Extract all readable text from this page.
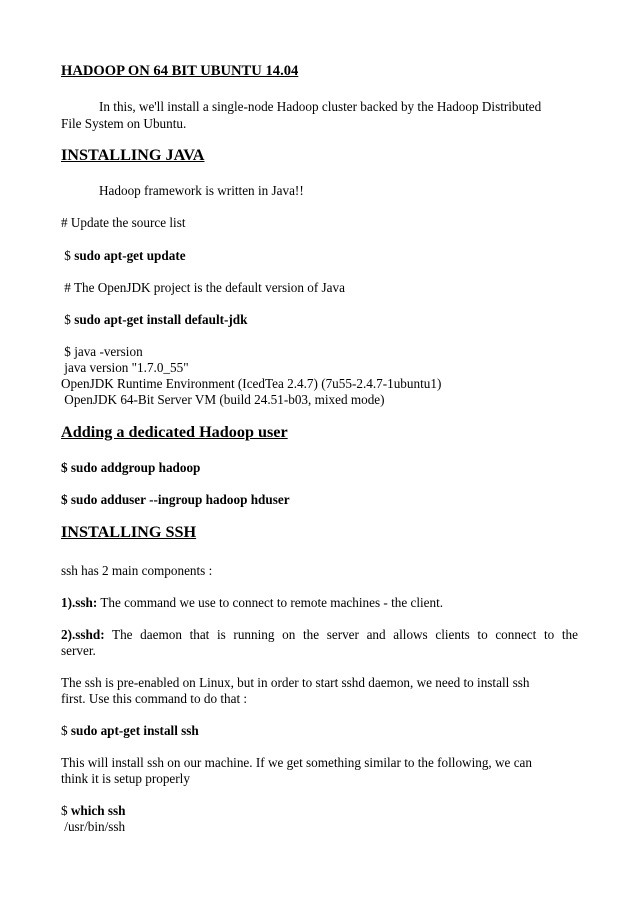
HADOOP ON 64 BIT UBUNTU 14.04
In this, we'll install a single-node Hadoop cluster backed by the Hadoop Distributed
File System on Ubuntu.
INSTALLING JAVA
Hadoop framework is written in Java!!
# Update the source list
$ sudo apt-get update
# The OpenJDK project is the default version of Java
$ sudo apt-get install default-jdk
$ java -version
java version "1.7.0_55"
OpenJDK Runtime Environment (IcedTea 2.4.7) (7u55-2.4.7-1ubuntu1)
OpenJDK 64-Bit Server VM (build 24.51-b03, mixed mode)
Adding a dedicated Hadoop user
$ sudo addgroup hadoop
$ sudo adduser --ingroup hadoop hduser
INSTALLING SSH
ssh has 2 main components :
1).ssh: The command we use to connect to remote machines - the client.
2).sshd: The daemon that is running on the server and allows clients to connect to the
server.
The ssh is pre-enabled on Linux, but in order to start sshd daemon, we need to install ssh
first. Use this command to do that :
$ sudo apt-get install ssh
This will install ssh on our machine. If we get something similar to the following, we can
think it is setup properly
$ which ssh
/usr/bin/ssh
